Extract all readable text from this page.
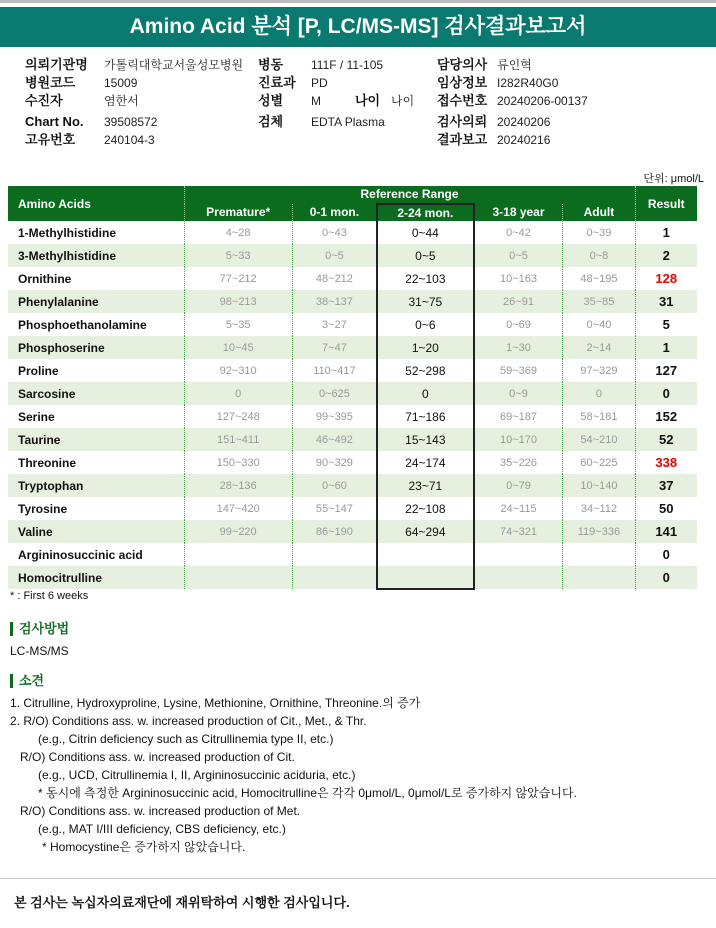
Amino Acid 분석 [P, LC/MS-MS] 검사결과보고서
의뢰기관명 가톨릭대학교서울성모병원
병원코드 15009
수진자	염한서
Chart No. 39508572
고유번호 240104-3
병동 111F / 11-105
진료과 PD
성별 M
검체 EDTA Plasma
담당의사 류인혁
임상정보 I282R40G0
접수번호 20240206-00137
검사의뢰 20240206
결과보고 20240216
나이 나이
단위: μmol/L
Amino Acids	Reference Range					Result
	Premature*	0-1 mon.	2-24 mon.	3-18 year	Adult	
1-Methylhistidine	4~28	0~43	0~44	0~42	0~39	1
3-Methylhistidine	5~33	0~5	0~5	0~5	0~8	2
Ornithine	77~212	48~212	22~103	10~163	48~195	128
Phenylalanine	98~213	38~137	31~75	26~91	35~85	31
Phosphoethanolamine	5~35	3~27	0~6	0~69	0~40	5
Phosphoserine	10~45	7~47	1~20	1~30	2~14	1
Proline	92~310	110~417	52~298	59~369	97~329	127
Sarcosine	0	0~625	0	0~9	0	0
Serine	127~248	99~395	71~186	69~187	58~181	152
Taurine	151~411	46~492	15~143	10~170	54~210	52
Threonine	150~330	90~329	24~174	35~226	60~225	338
Tryptophan	28~136	0~60	23~71	0~79	10~140	37
Tyrosine	147~420	55~147	22~108	24~115	34~112	50
Valine	99~220	86~190	64~294	74~321	119~336	141
Argininosuccinic acid						0
Homocitrulline						0
* : First 6 weeks
검사방법
LC-MS/MS
소견
1. Citrulline, Hydroxyproline, Lysine, Methionine, Ornithine, Threonine.의 증가
2. R/O) Conditions ass. w. increased production of Cit., Met., & Thr.
(e.g., Citrin deficiency such as Citrullinemia type II, etc.)
R/O) Conditions ass. w. increased production of Cit.
(e.g., UCD, Citrullinemia I, II, Argininosuccinic aciduria, etc.)
* 동시에 측정한 Argininosuccinic acid, Homocitrulline은 각각 0μmol/L, 0μmol/L로 증가하지 않았습니다.
R/O) Conditions ass. w. increased production of Met.
(e.g., MAT I/III deficiency, CBS deficiency, etc.)
* Homocystine은 증가하지 않았습니다.
본 검사는 녹십자의료재단에 재위탁하여 시행한 검사입니다.
